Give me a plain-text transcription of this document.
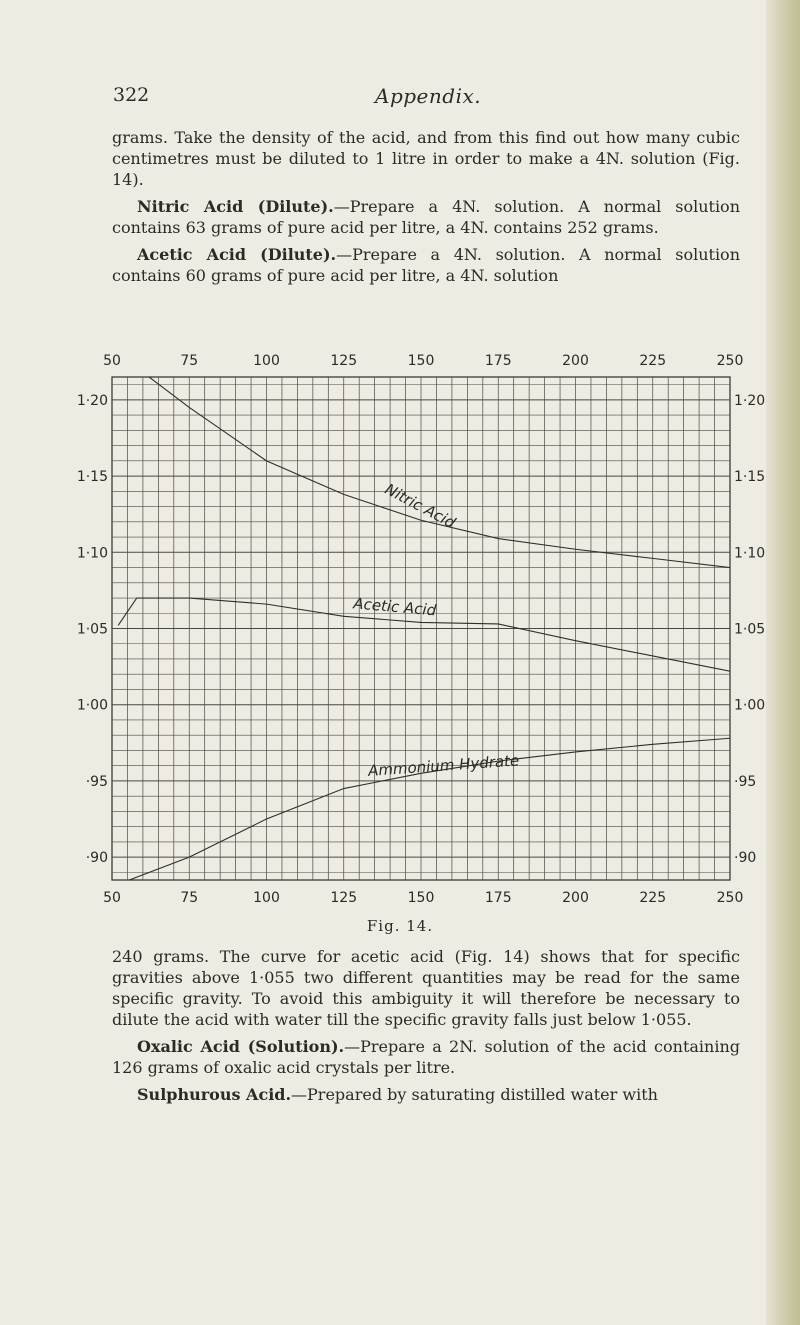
322	Appendix.

grams. Take the density of the acid, and from this find out how many cubic centimetres must be diluted to 1 litre in order to make a 4N. solution (Fig. 14).

Nitric Acid (Dilute).—Prepare a 4N. solution. A normal solution contains 63 grams of pure acid per litre, a 4N. contains 252 grams.

Acetic Acid (Dilute).—Prepare a 4N. solution. A normal solution contains 60 grams of pure acid per litre, a 4N. solution

50
50
75
75
100
100
125
125
150
150
175
175
200
200
225
225
250
250
1·20	1·20
1·15	1·15
1·10	1·10
1·05	1·05
1·00	1·00
·95	·95
·90	·90
Nitric Acid
Acetic Acid
Ammonium Hydrate
Fig. 14.

240 grams. The curve for acetic acid (Fig. 14) shows that for specific gravities above 1·055 two different quantities may be read for the same specific gravity. To avoid this ambiguity it will therefore be necessary to dilute the acid with water till the specific gravity falls just below 1·055.

Oxalic Acid (Solution).—Prepare a 2N. solution of the acid containing 126 grams of oxalic acid crystals per litre.

Sulphurous Acid.—Prepared by saturating distilled water with
